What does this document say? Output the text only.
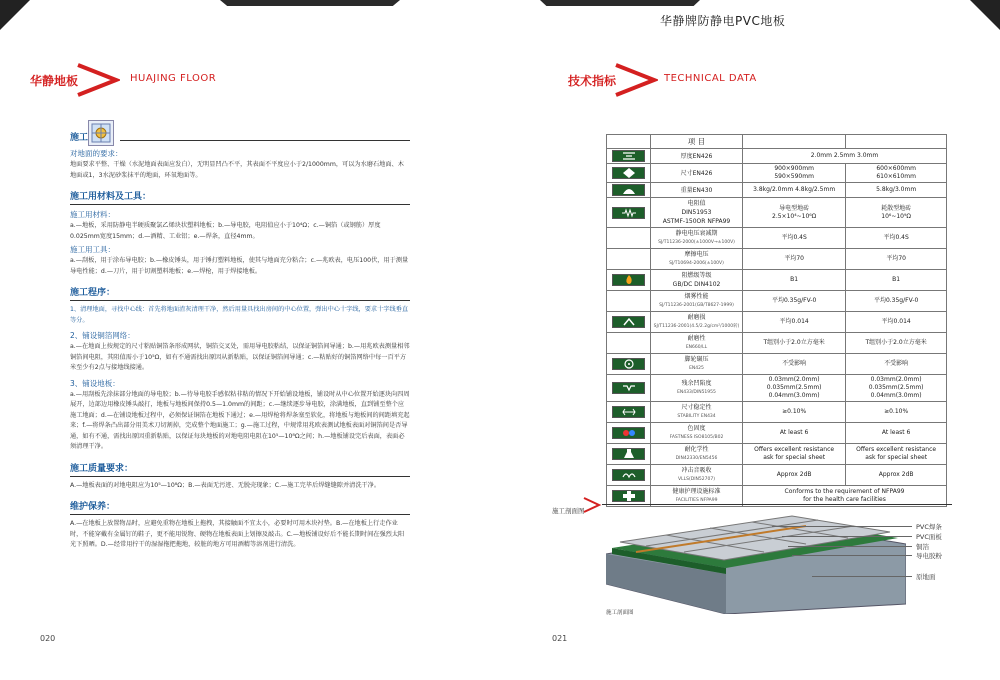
华静牌防静电PVC地板
华静地板	HUAJING FLOOR
施工
对地面的要求：
地面要求平整、干燥（水泥地面表面应发白），无明显凹凸不平，其表面不平度应小于2/1000mm，可以为水磨石地面、木地面或1，3水泥砂浆抹平的地面，环氧地面等。
施工用材料及工具：
施工用材料：
a.—地板，采用防静电半硬质聚氯乙烯块状塑料地板；b.—导电胶，电阻值应小于10⁴Ω；c.—铜箔（或钢筋）厚度0.025mm宽度15mm；d.—酒精、工业铝；e.—焊条，直径4mm。
施工用工具：
a.—刮板，用于涂布导电胶；b.—橡皮锤头，用于锤打塑料地板，使其与地面充分粘合；c.—兆欧表，电压100伏，用于测量导电性能；d.—刀片，用于切割塑料地板；e.—焊枪，用于焊接地板。
施工程序：
1、清理地面，寻找中心线：首先将地面渣灰清理干净，然后用量具找出房间的中心位置，弹出中心十字线，要求十字线垂直等分。
2、铺设铜箔网络：
a.—在地面上按规定的尺寸粘贴铜箔条形成网状，铜箔交叉处，需用导电胶粘结，以保证铜箔间导通；b.—用兆欧表测量相邻铜箔间电阻，其阻值需小于10⁵Ω，如有不通需找出原因从新粘贴，以保证铜箔间导通；c.—粘贴好的铜箔网络中每一百平方米至少有2点与接地线接通。
3、铺设地板：
a.—用刮板先涂抹部分地面的导电胶；b.—待导电胶手感似粘非粘的情况下开始铺设地板，铺设时从中心位置开始逐块向四周展开，边部边用橡皮锤头敲打，地板与地板间保持0.5—1.0mm的间距；c.—继续逐步导电胶，涂满地板，直到铺至整个应施工地面；d.—在铺设地板过程中，必须保证铜箔在地板下通过；e.—用焊枪将焊条塞至软化，将地板与地板间的间距填充起来；f.—将焊条凸出部分用美术刀切割掉，完成整个地面施工；g.—施工过程，中规常用兆欧表测试地板表面对铜箔间是否导通，如有不通，需找出原因重新粘贴，以保证每块地板的对地电阻电阻在10⁵—10⁸Ω之间；h.—地板铺设完后表面，表面必须清理干净。
施工质量要求：
A.—地板表面的对地电阻应为10⁵—10⁸Ω；B.—表面无污迹、无脱壳现象；C.—施工完毕后焊缝缝隙并清洗干净。
维护保养：
A.—在地板上放置物品时，应避免重物在地板上拖拽，其接触面不宜太小，必要时可用木块衬垫。B.—在地板上行走作业时，不能穿戴有金属钉的鞋子，更不能用锐物、硬物在地板表面上划擦及敲击。C.—地板铺设好后不能长期时间在强烈太阳光下照晒。D.—经常用拧干的湿湿拖把拖地，较脏的地方可用酒精等溶剂进行清洗。
020
技术指标	TECHNICAL DATA
	项 目		

	厚度EN426	2.0mm 2.5mm 3.0mm	

	尺寸EN426	900×900mm
590×590mm	600×600mm
610×610mm

	重量EN430	3.8kg/2.0mm 4.8kg/2.5mm	5.8kg/3.0mm

	电阻值
DIN51953
ASTMF-150OR NFPA99	导电型地砖
2.5×10⁴~10⁶Ω	耗散型地砖
10⁶~10⁹Ω
	静电电压衰减期
SJ/T11236-2000(±1000V→±100V)	平均0.4S	平均0.4S
	摩擦电压
SJ/T10694-2006(±100V)	平均70	平均70

	阻燃级等级
GB/DC DIN4102	B1	B1
	烟雾性能
SJ/T11236-2001(GB/T8627-1999)	平均0.35g/FV-0	平均0.35g/FV-0

	耐磨损
SJ/T11236-2001(4.5/2.2g/cm²/1000转)	平均0.014	平均0.014
	耐磨性
EN660/LL	T组别小于2.0立方毫米	T组别小于2.0立方毫米

	脚轮碾压
EN425	不受影响	不受影响

	残余凹陷度
EN433/DIN51955	0.03mm(2.0mm)
0.035mm(2.5mm)
0.04mm(3.0mm)	0.03mm(2.0mm)
0.035mm(2.5mm)
0.04mm(3.0mm)

	尺寸稳定性
STABILITY EN434	≥0.10%	≥0.10%

	色固度
FASTNESS ISO8105/B02	At least 6	At least 6

	耐化学性
DIN42330/EN5456	Offers excellent resistance
ask for special sheet	Offers excellent resistance
ask for special sheet

	冲击音吸收
VLLS(DIN52707)	Approx 2dB	Approx 2dB

	健康护理设施标准
FACILITIES NFPA99	Conforms to the requirement of NFPA99
for the health care facilities	
施工剖面图
PVC焊条
PVC面板
铜箔
导电胶粉
原地面
施工剖面图
021
